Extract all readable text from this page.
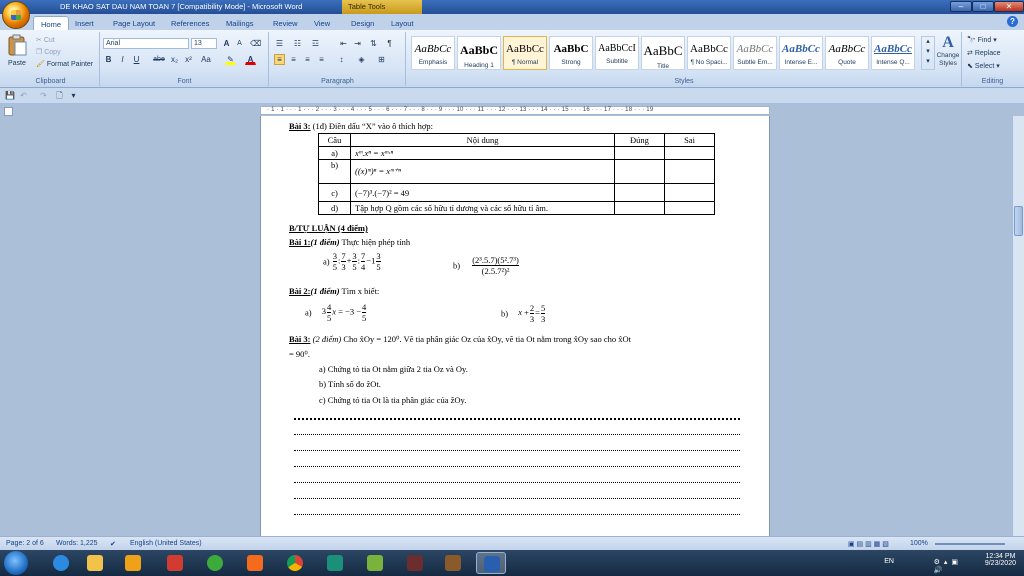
DE KHAO SAT DAU NAM TOAN 7 [Compatibility Mode] - Microsoft Word	Table Tools	–	□	✕
Home	Insert	Page Layout	References	Mailings	Review	View	Design	Layout	?
Paste
✂ Cut
❐ Copy
🖌 Format Painter
Clipboard
Arial	13	A	A	⌫
B	I	U	abe x₂ x² Aa ✎	A
Font
☰ ☷ ☲	⇤ ⇥ ⇅	¶
≡	≡	≡	≡	↕	◈	⊞
Paragraph
AaBbCc
Emphasis
AaBbC
Heading 1
AaBbCc
¶ Normal
AaBbC
Strong
AaBbCcI
Subtitle
AaBbC
Title
AaBbCc
¶ No Spaci...
AaBbCc
Subtle Em...
AaBbCc
Intense E...
AaBbCc
Quote
AaBbCc
Intense Q...
▴
▾
▾
A
Change Styles
Styles
🔭 Find ▾
⇄ Replace
⬉ Select ▾
Editing
💾 ↶ ↷ 🗋	▾
· 1 · 1 · · · 1 · · · 2 · · · 3 · · · 4 · · · 5 · · · 6 · · · 7 · · · 8 · · · 9 · · · 10 · · · 11 · · · 12 · · · 13 · · · 14 · · · 15 · · · 16 · · · 17 · · · 18 · · · 19
Bài 3: (1đ) Điền dấu “X” vào ô thích hợp:
Câu	Nội dung	Đúng	Sai
a)	xᵐ.xⁿ = xᵐ·ⁿ		
b)	((x)ᵐ)ⁿ = xᵐ⁺ⁿ		
c)	(−7)³.(−7)² = 49		
d)	Tập hợp Q gồm các số hữu tỉ dương và các số hữu tỉ âm.		
B/TỰ LUẬN (4 điểm)
Bài 1:(1 điểm) Thực hiện phép tính
$a) \frac{3}{5}$ : $\frac{7}{3} + \frac{3}{5}$ : $\frac{7}{4} -1 \frac{3}{5}$	$b) \frac{\text{(2³.5.7)(5².7³)}}{\text{(2.5.7²)²}}$
Bài 2:(1 điểm) Tìm x biết:
a) $3 \frac{4}{5}$ $x = -3 - \frac{4}{5}$	b) $x + \frac{2}{3} = \frac{5}{3}$
Bài 3: (2 điểm) Cho x̂Oy = 120⁰. Vẽ tia phân giác Oz của x̂Oy, vẽ tia Ot nằm trong x̂Oy sao cho x̂Ot
= 90⁰.
a) Chứng tỏ tia Ot nằm giữa 2 tia Oz và Oy.
b) Tính số đo ẑOt.
c) Chứng tỏ tia Ot là tia phân giác của ẑOy.
Page: 2 of 6 Words: 1,225 ✔ English (United States)	▣ ▤ ▥ ▦ ▧	100%
EN	⚙▴▣🔊
12:34 PM
9/23/2020
